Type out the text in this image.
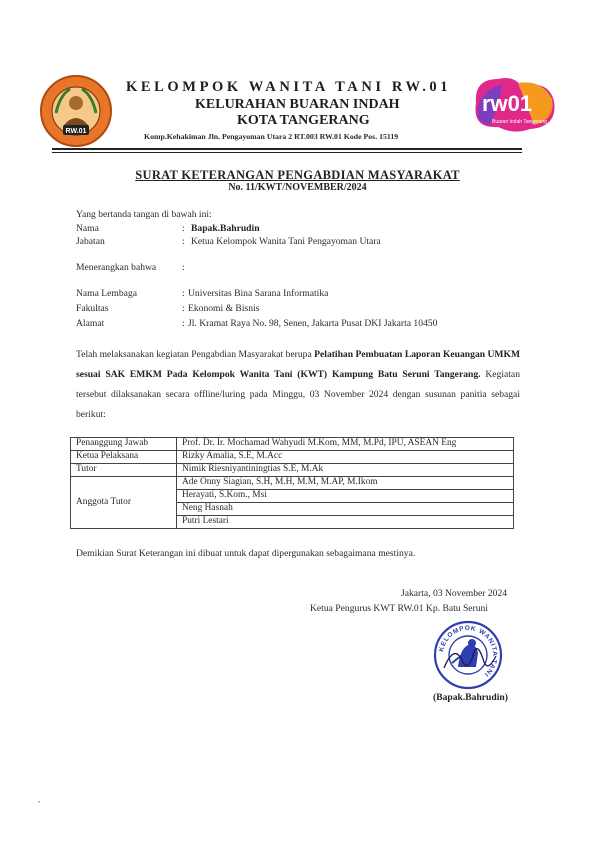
RW.01
KELOMPOK WANITA TANI RW.01
KELURAHAN BUARAN INDAH
KOTA TANGERANG
Komp.Kehakiman Jln. Pengayoman Utara 2 RT.003 RW.01 Kode Pos. 15119
rw01
Buaran Indah Tangerang
SURAT KETERANGAN PENGABDIAN MASYARAKAT
No. 11/KWT/NOVEMBER/2024
Yang bertanda tangan di bawah ini:
Nama	: Bapak.Bahrudin
Jabatan	: Ketua Kelompok Wanita Tani Pengayoman Utara
Menerangkan bahwa	:
Nama Lembaga	: Universitas Bina Sarana Informatika
Fakultas	: Ekonomi & Bisnis
Alamat	: Jl. Kramat Raya No. 98, Senen, Jakarta Pusat DKI Jakarta 10450
Telah melaksanakan kegiatan Pengabdian Masyarakat berupa Pelatihan Pembuatan Laporan Keuangan UMKM sesuai SAK EMKM Pada Kelompok Wanita Tani (KWT) Kampung Batu Seruni Tangerang. Kegiatan tersebut dilaksanakan secara offline/luring pada Minggu, 03 November 2024 dengan susunan panitia sebagai berikut:
Penanggung Jawab	Prof. Dr. Ir. Mochamad Wahyudi M.Kom, MM, M.Pd, IPU, ASEAN Eng
Ketua Pelaksana	Rizky Amalia, S.E, M.Acc
Tutor	Nimik Riesniyantiningtias S.E, M.Ak
Anggota Tutor	Ade Onny Siagian, S.H, M.H, M.M, M.AP, M.Ikom
	Herayati, S.Kom., Msi
	Neng Hasnah
	Putri Lestari
Demikian Surat Keterangan ini dibuat untuk dapat dipergunakan sebagaimana mestinya.
Jakarta, 03 November 2024
Ketua Pengurus KWT RW.01 Kp. Batu Seruni
KELOMPOK WANITA TANI
(Bapak.Bahrudin)
•
